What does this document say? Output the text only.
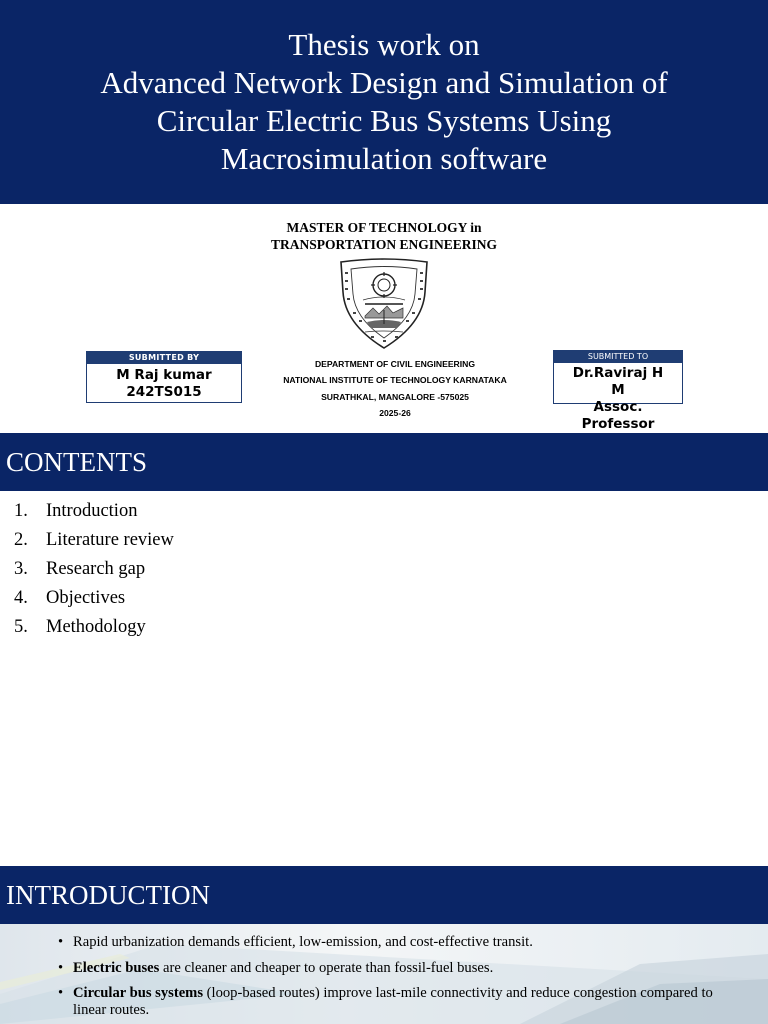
Thesis work on
Advanced Network Design and Simulation of
Circular Electric Bus Systems Using
Macrosimulation software
MASTER OF TECHNOLOGY in
TRANSPORTATION ENGINEERING
DEPARTMENT OF CIVIL ENGINEERING
NATIONAL INSTITUTE OF TECHNOLOGY KARNATAKA
SURATHKAL, MANGALORE -575025
2025-26
SUBMITTED BY
M Raj kumar
242TS015
SUBMITTED TO
Dr.Raviraj H
M
Assoc.
Professor
CONTENTS
1. Introduction
2. Literature review
3. Research gap
4. Objectives
5. Methodology
INTRODUCTION
• Rapid urbanization demands efficient, low-emission, and cost-effective transit.
• Electric buses are cleaner and cheaper to operate than fossil-fuel buses.
• Circular bus systems (loop-based routes) improve last-mile connectivity and reduce congestion compared to linear routes.
